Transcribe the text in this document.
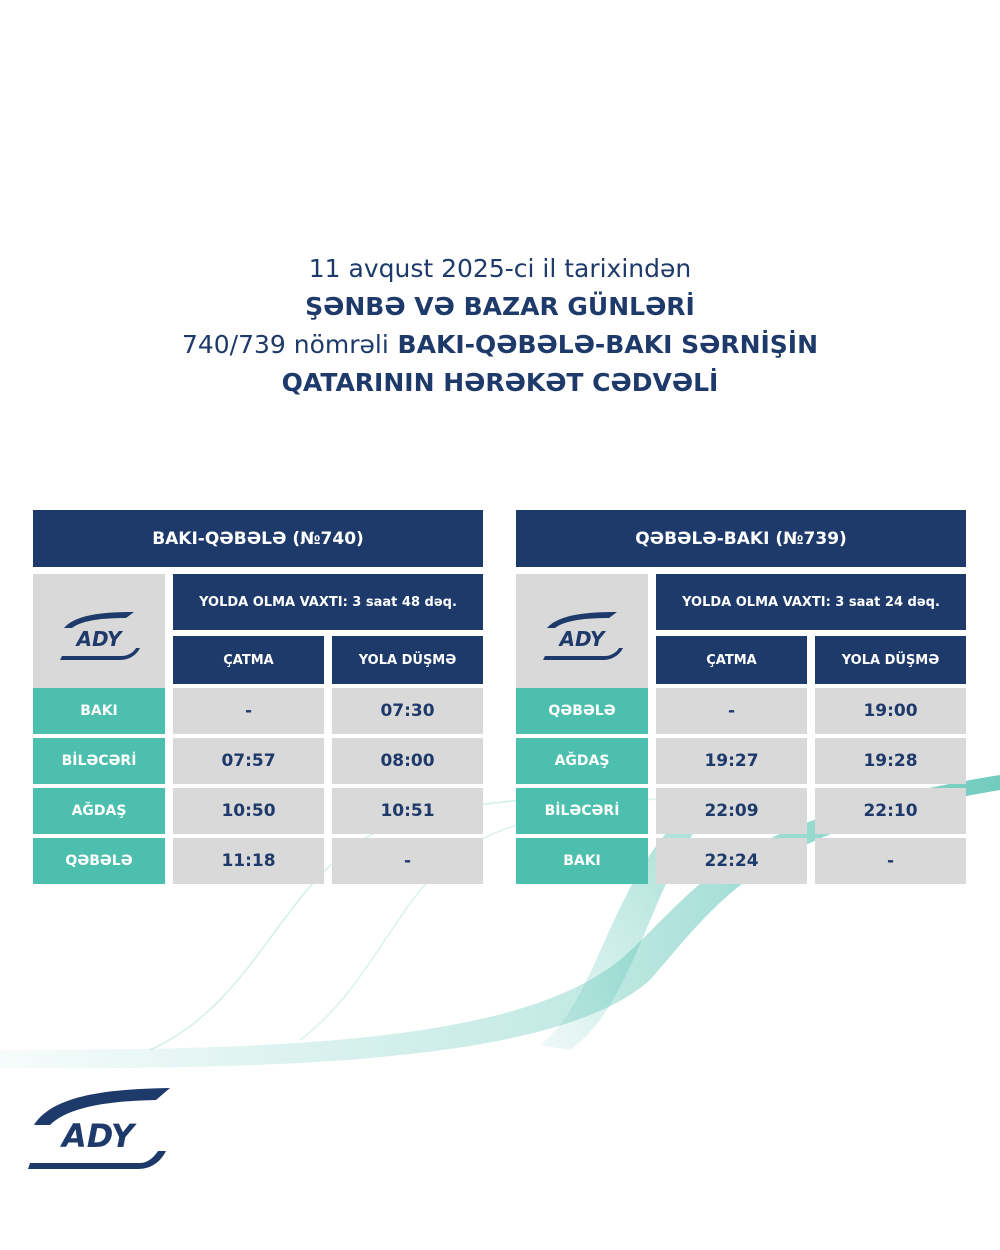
11 avqust 2025-ci il tarixindən
ŞƏNBƏ VƏ BAZAR GÜNLƏRİ
740/739 nömrəli BAKI-QƏBƏLƏ-BAKI SƏRNİŞİN
QATARININ HƏRƏKƏT CƏDVƏLİ
BAKI-QƏBƏLƏ (№740)
ADY
YOLDA OLMA VAXTI: 3 saat 48 dəq.
ÇATMA	YOLA DÜŞMƏ
BAKI	-	07:30
BİLƏCƏRİ	07:57	08:00
AĞDAŞ	10:50	10:51
QƏBƏLƏ	11:18	-
QƏBƏLƏ-BAKI (№739)
ADY
YOLDA OLMA VAXTI: 3 saat 24 dəq.
ÇATMA	YOLA DÜŞMƏ
QƏBƏLƏ	-	19:00
AĞDAŞ	19:27	19:28
BİLƏCƏRİ	22:09	22:10
BAKI	22:24	-
ADY
